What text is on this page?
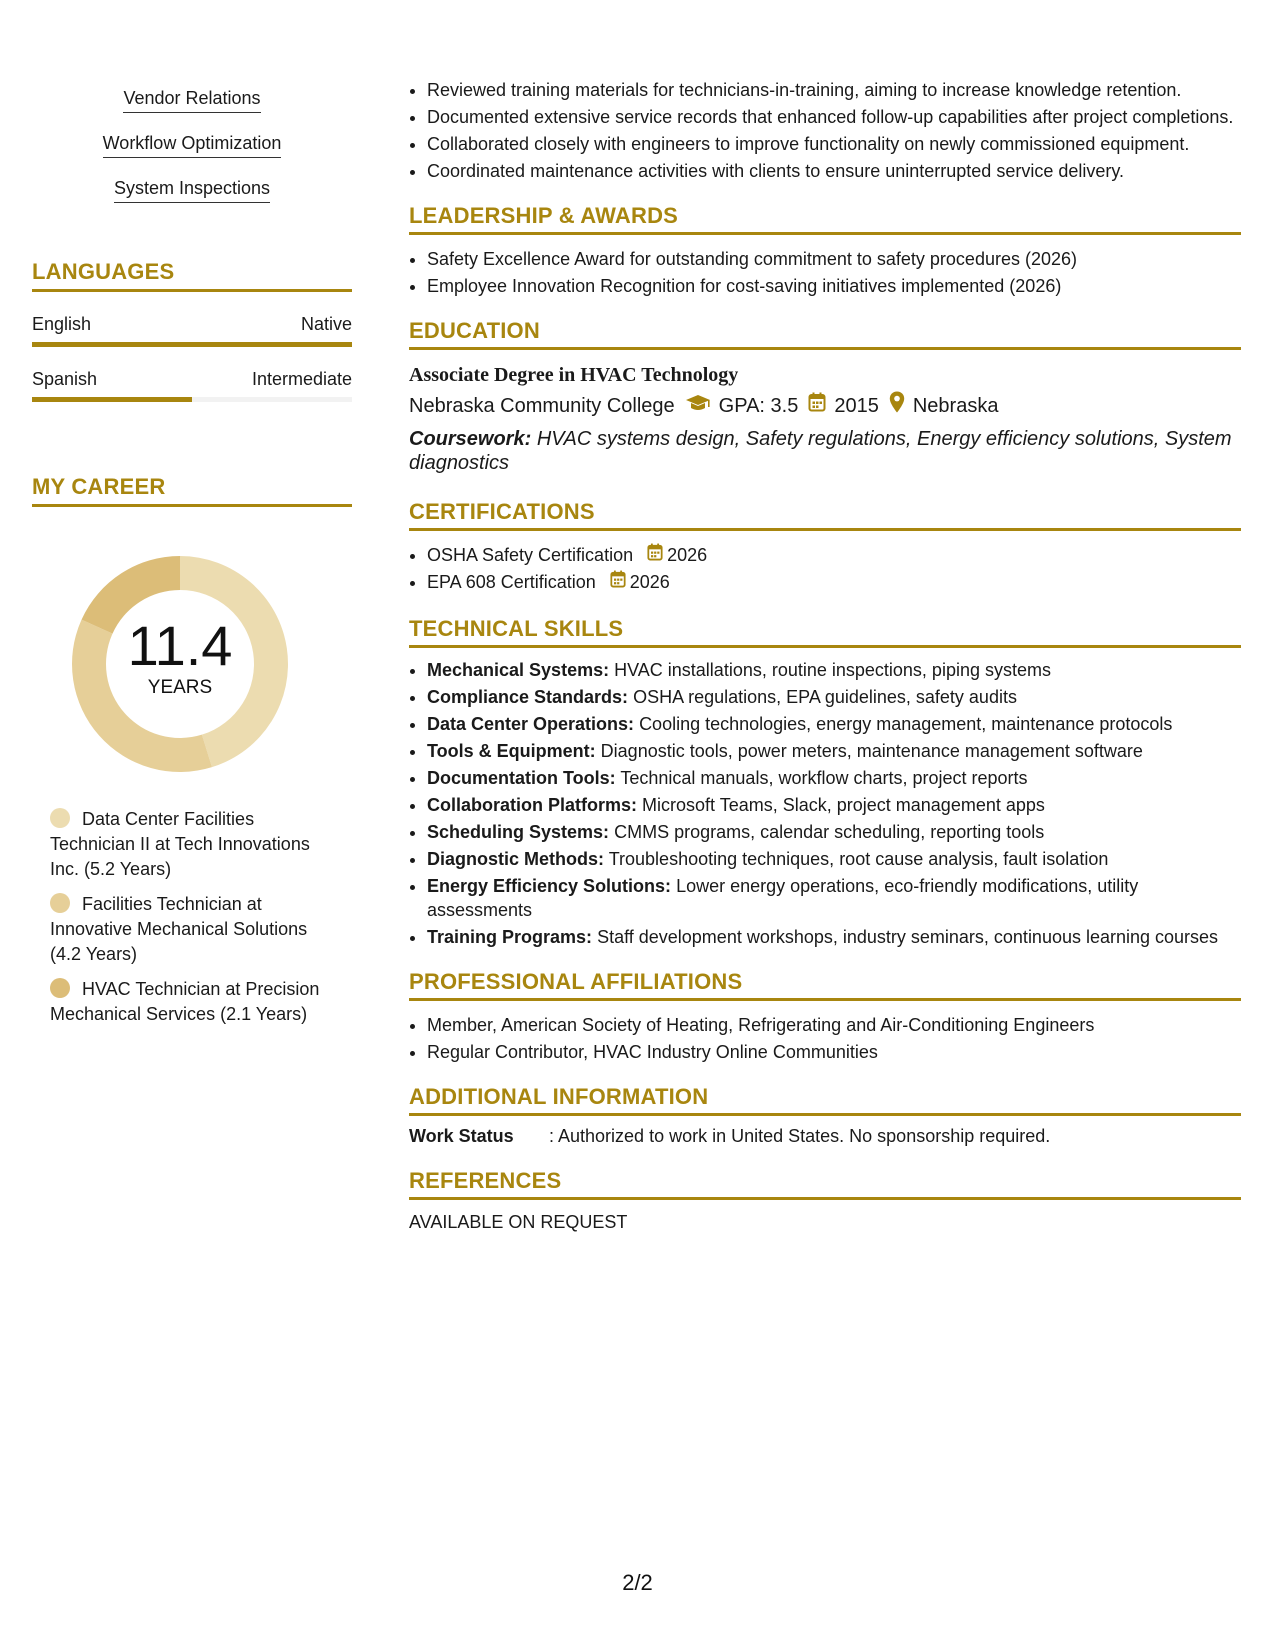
Vendor Relations
Workflow Optimization
System Inspections
LANGUAGES
English	Native
Spanish	Intermediate
MY CAREER
11.4
YEARS
Data Center Facilities Technician II at Tech Innovations Inc. (5.2 Years)
Facilities Technician at Innovative Mechanical Solutions (4.2 Years)
HVAC Technician at Precision Mechanical Services (2.1 Years)
• Reviewed training materials for technicians-in-training, aiming to increase knowledge retention.
• Documented extensive service records that enhanced follow-up capabilities after project completions.
• Collaborated closely with engineers to improve functionality on newly commissioned equipment.
• Coordinated maintenance activities with clients to ensure uninterrupted service delivery.
LEADERSHIP & AWARDS
• Safety Excellence Award for outstanding commitment to safety procedures (2026)
• Employee Innovation Recognition for cost-saving initiatives implemented (2026)
EDUCATION
Associate Degree in HVAC Technology
Nebraska Community College GPA: 3.5 2015 Nebraska
Coursework: HVAC systems design, Safety regulations, Energy efficiency solutions, System diagnostics
CERTIFICATIONS
• OSHA Safety Certification 2026
• EPA 608 Certification 2026
TECHNICAL SKILLS
• Mechanical Systems: HVAC installations, routine inspections, piping systems
• Compliance Standards: OSHA regulations, EPA guidelines, safety audits
• Data Center Operations: Cooling technologies, energy management, maintenance protocols
• Tools & Equipment: Diagnostic tools, power meters, maintenance management software
• Documentation Tools: Technical manuals, workflow charts, project reports
• Collaboration Platforms: Microsoft Teams, Slack, project management apps
• Scheduling Systems: CMMS programs, calendar scheduling, reporting tools
• Diagnostic Methods: Troubleshooting techniques, root cause analysis, fault isolation
• Energy Efficiency Solutions: Lower energy operations, eco-friendly modifications, utility assessments
• Training Programs: Staff development workshops, industry seminars, continuous learning courses
PROFESSIONAL AFFILIATIONS
• Member, American Society of Heating, Refrigerating and Air-Conditioning Engineers
• Regular Contributor, HVAC Industry Online Communities
ADDITIONAL INFORMATION
Work Status	: Authorized to work in United States. No sponsorship required.
REFERENCES
AVAILABLE ON REQUEST
2/2
